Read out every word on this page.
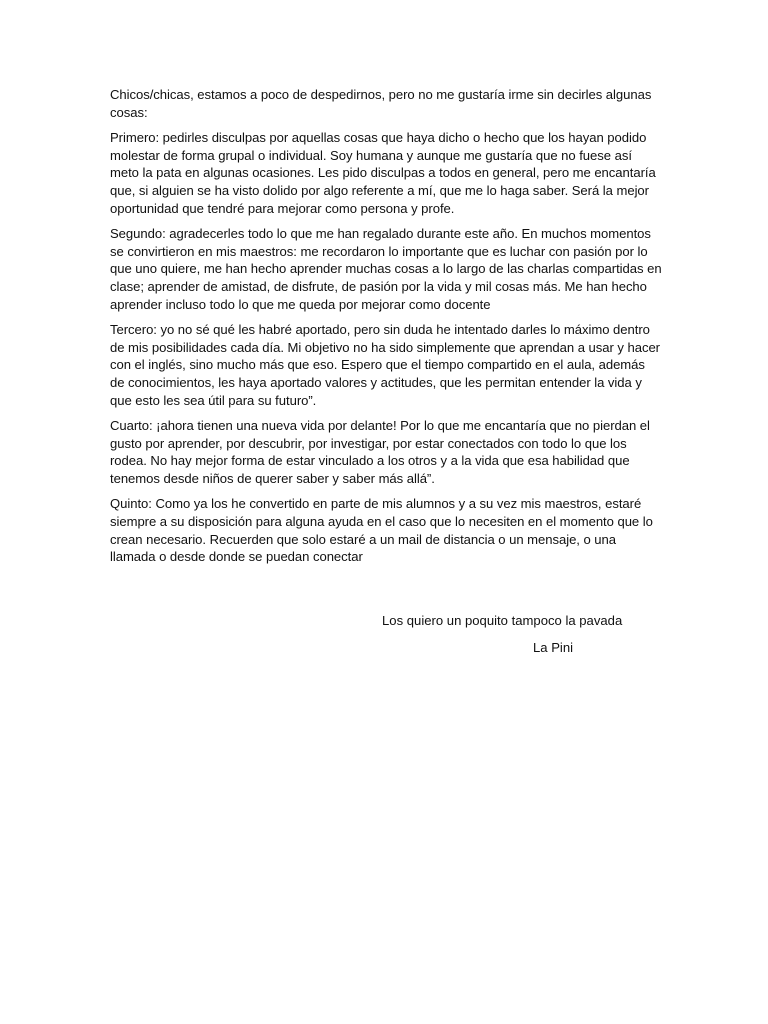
Chicos/chicas, estamos a poco de despedirnos, pero no me gustaría irme sin decirles algunas cosas:

Primero: pedirles disculpas por aquellas cosas que haya dicho o hecho que los hayan podido molestar de forma grupal o individual. Soy humana y aunque me gustaría que no fuese así meto la pata en algunas ocasiones. Les pido disculpas a todos en general, pero me encantaría que, si alguien se ha visto dolido por algo referente a mí, que me lo haga saber. Será la mejor oportunidad que tendré para mejorar como persona y profe.

Segundo: agradecerles todo lo que me han regalado durante este año. En muchos momentos se convirtieron en mis maestros: me recordaron lo importante que es luchar con pasión por lo que uno quiere, me han hecho aprender muchas cosas a lo largo de las charlas compartidas en clase; aprender de amistad, de disfrute, de pasión por la vida y mil cosas más. Me han hecho aprender incluso todo lo que me queda por mejorar como docente

Tercero: yo no sé qué les habré aportado, pero sin duda he intentado darles lo máximo dentro de mis posibilidades cada día. Mi objetivo no ha sido simplemente que aprendan a usar y hacer con el inglés, sino mucho más que eso. Espero que el tiempo compartido en el aula, además de conocimientos, les haya aportado valores y actitudes, que les permitan entender la vida y que esto les sea útil para su futuro”.

Cuarto: ¡ahora tienen una nueva vida por delante! Por lo que me encantaría que no pierdan el gusto por aprender, por descubrir, por investigar, por estar conectados con todo lo que los rodea. No hay mejor forma de estar vinculado a los otros y a la vida que esa habilidad que tenemos desde niños de querer saber y saber más allá”.

Quinto: Como ya los he convertido en parte de mis alumnos y a su vez mis maestros, estaré siempre a su disposición para alguna ayuda en el caso que lo necesiten en el momento que lo crean necesario. Recuerden que solo estaré a un mail de distancia o un mensaje, o una llamada o desde donde se puedan conectar

Los quiero un poquito tampoco la pavada
La Pini
